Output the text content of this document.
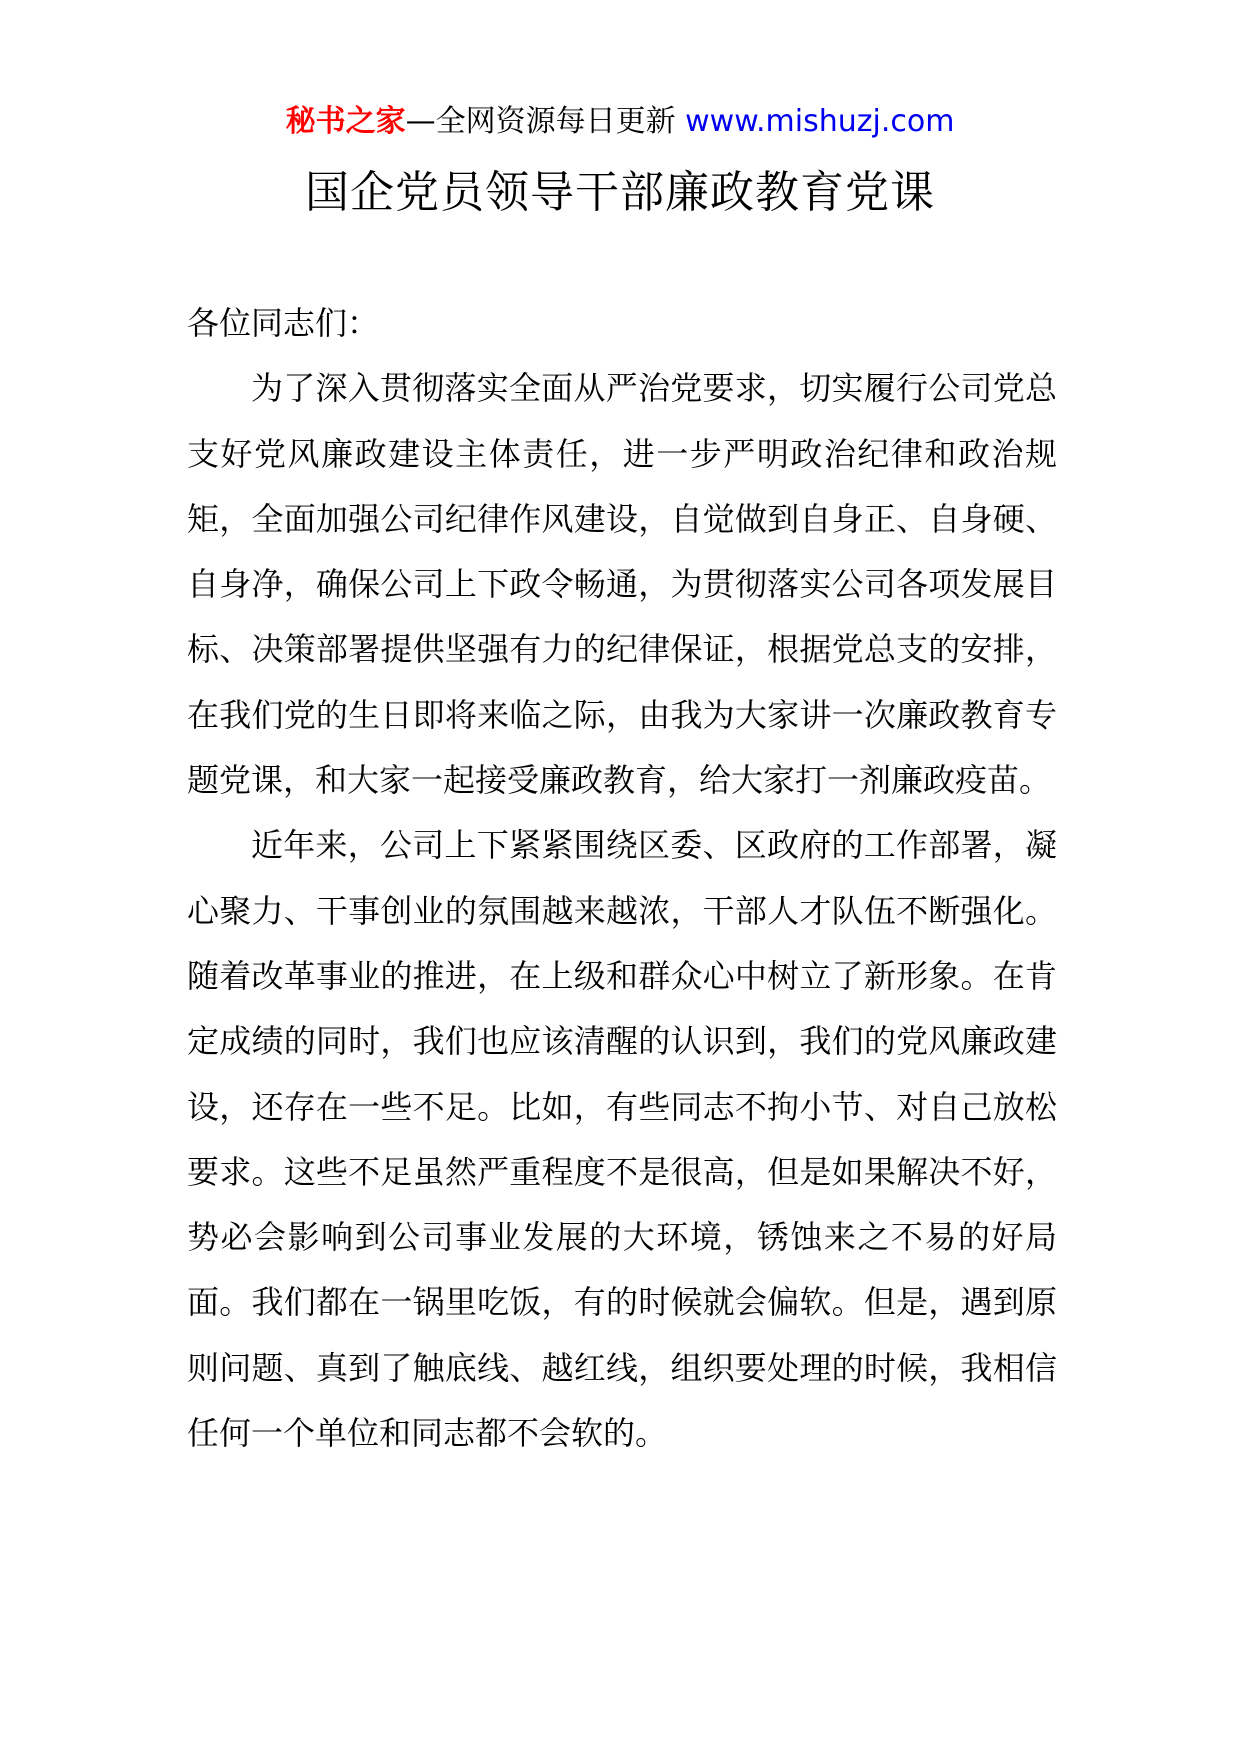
秘书之家—全网资源每日更新 www.mishuzj.com
国企党员领导干部廉政教育党课

各位同志们：

为了深入贯彻落实全面从严治党要求，切实履行公司党总支好党风廉政建设主体责任，进一步严明政治纪律和政治规矩，全面加强公司纪律作风建设，自觉做到自身正、自身硬、自身净，确保公司上下政令畅通，为贯彻落实公司各项发展目标、决策部署提供坚强有力的纪律保证，根据党总支的安排，在我们党的生日即将来临之际，由我为大家讲一次廉政教育专题党课，和大家一起接受廉政教育，给大家打一剂廉政疫苗。

近年来，公司上下紧紧围绕区委、区政府的工作部署，凝心聚力、干事创业的氛围越来越浓，干部人才队伍不断强化。随着改革事业的推进，在上级和群众心中树立了新形象。在肯定成绩的同时，我们也应该清醒的认识到，我们的党风廉政建设，还存在一些不足。比如，有些同志不拘小节、对自己放松要求。这些不足虽然严重程度不是很高，但是如果解决不好，势必会影响到公司事业发展的大环境，锈蚀来之不易的好局面。我们都在一锅里吃饭，有的时候就会偏软。但是，遇到原则问题、真到了触底线、越红线，组织要处理的时候，我相信任何一个单位和同志都不会软的。
